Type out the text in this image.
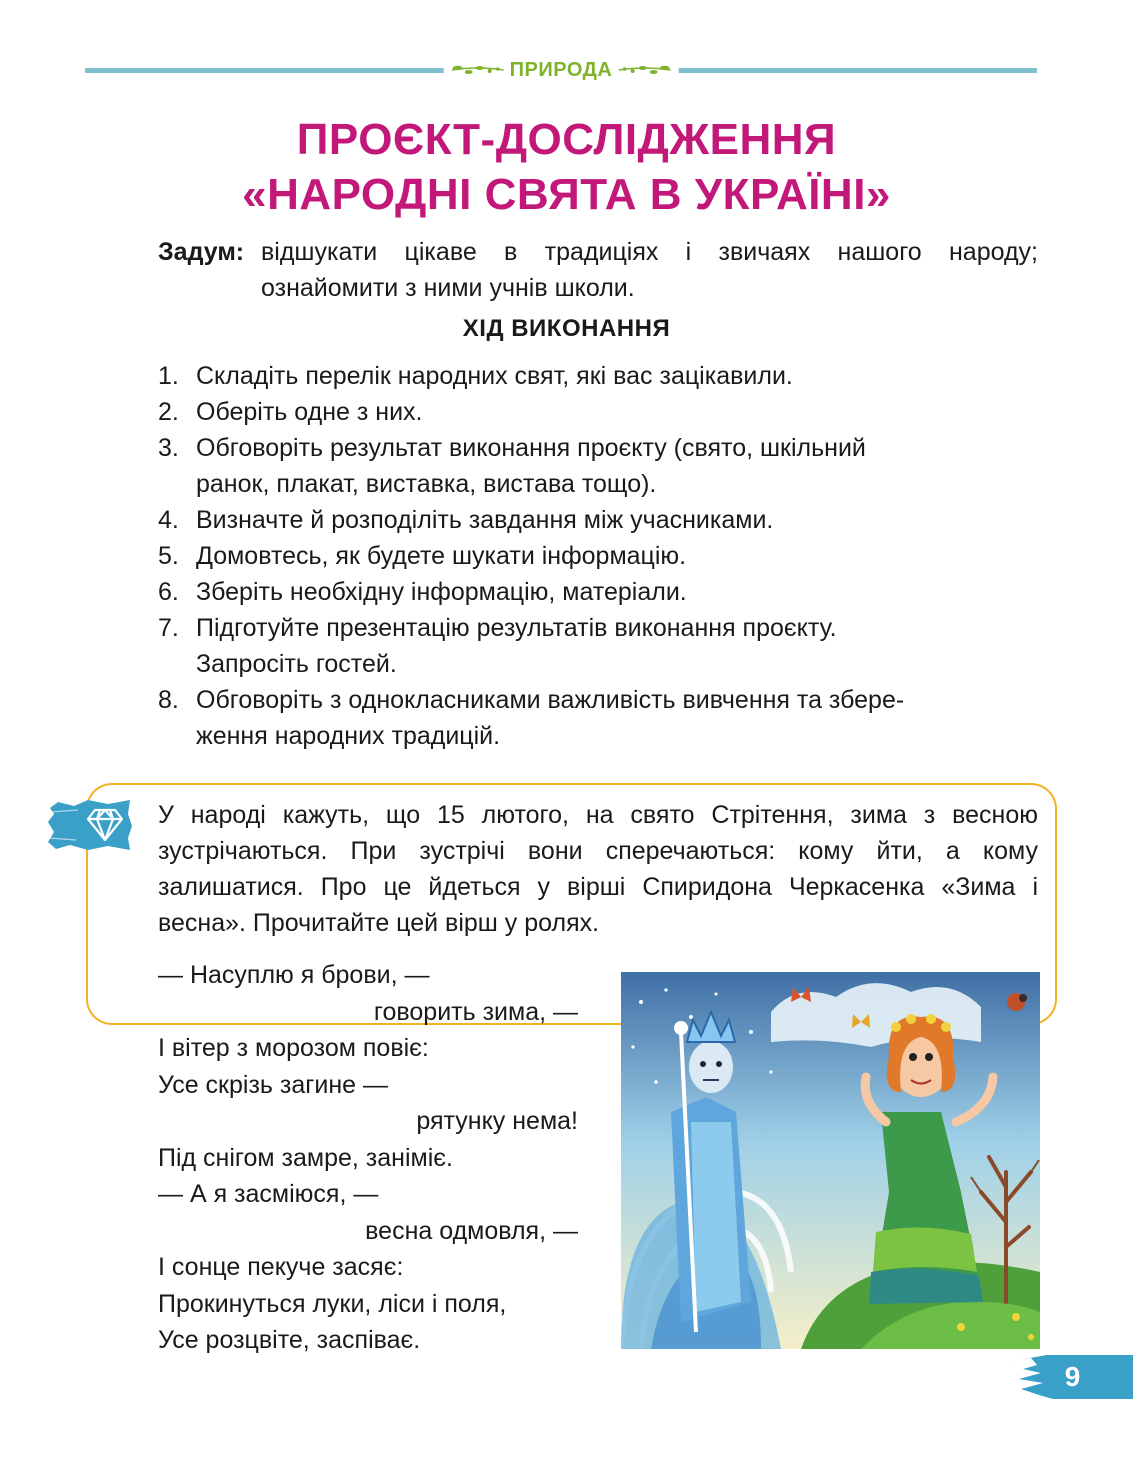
ПРИРОДА
ПРОЄКТ-ДОСЛІДЖЕННЯ
«НАРОДНІ СВЯТА В УКРАЇНІ»
Задум: відшукати цікаве в традиціях і звичаях нашого народу; ознайомити з ними учнів школи.
ХІД ВИКОНАННЯ
1. Складіть перелік народних свят, які вас зацікавили.
2. Оберіть одне з них.
3. Обговоріть результат виконання проєкту (свято, шкільний
ранок, плакат, виставка, вистава тощо).
4. Визначте й розподіліть завдання між учасниками.
5. Домовтесь, як будете шукати інформацію.
6. Зберіть необхідну інформацію, матеріали.
7. Підготуйте презентацію результатів виконання проєкту.
Запросіть гостей.
8. Обговоріть з однокласниками важливість вивчення та збере-
ження народних традицій.
У народі кажуть, що 15 лютого, на свято Стрітення, зима з весною зустрічаються. При зустрічі вони сперечаються: кому йти, а кому залишатися. Про це йдеться у вірші Спиридона Черкасенка «Зима і весна». Прочитайте цей вірш у ролях.
— Насуплю я брови, —
говорить зима, —
І вітер з морозом повіє:
Усе скрізь загине —
рятунку нема!
Під снігом замре, заніміє.
— А я засміюся, —
весна одмовля, —
І сонце пекуче засяє:
Прокинуться луки, ліси і поля,
Усе розцвіте, заспіває.
9
